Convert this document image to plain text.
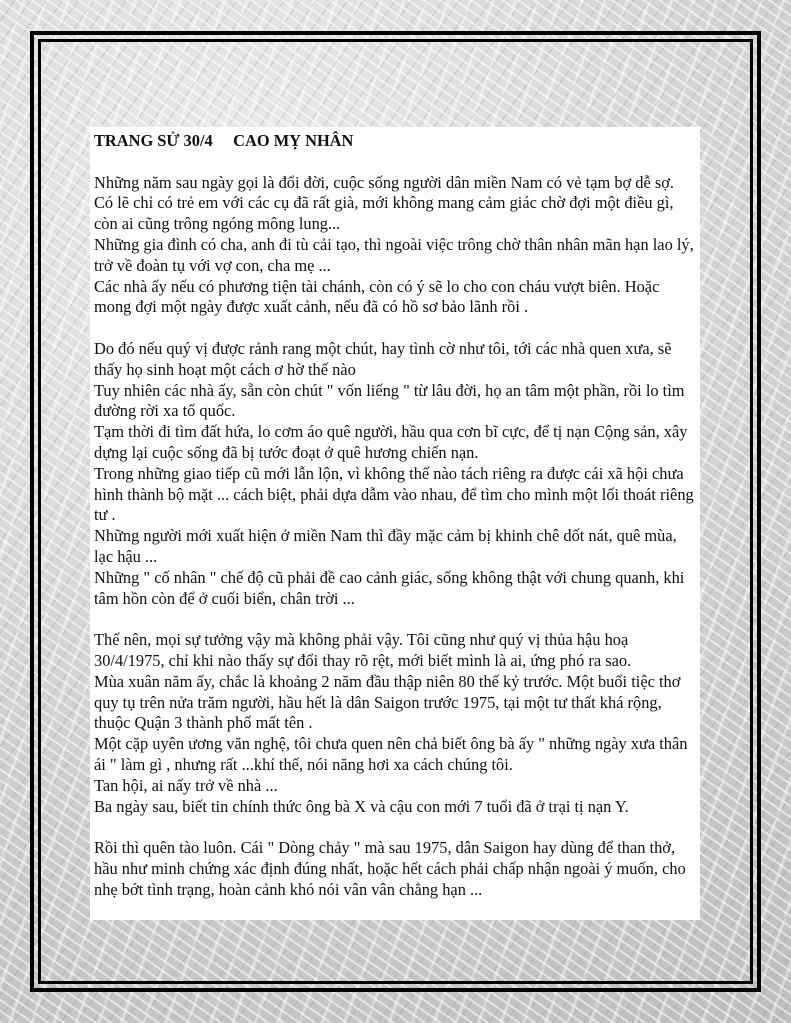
TRANG SỬ 30/4     CAO MỴ NHÂN

Những năm sau ngày gọi là đổi đời, cuộc sống người dân miền Nam có vẻ tạm bợ dễ sợ. Có lẽ chỉ có trẻ em với các cụ đã rất già, mới không mang cảm giác chờ đợi một điều gì, còn ai cũng trông ngóng mông lung...

Những gia đình có cha, anh đi tù cải tạo, thì ngoài việc trông chờ thân nhân mãn hạn lao lý, trở về đoàn tụ với vợ con, cha mẹ ...

Các nhà ấy nếu có phương tiện tài chánh, còn có ý sẽ lo cho con cháu vượt biên. Hoặc mong đợi một ngày được xuất cảnh, nếu đã có hồ sơ bảo lãnh rồi .

Do đó nếu quý vị được rảnh rang một chút, hay tình cờ như tôi, tới các nhà quen xưa, sẽ thấy họ sinh hoạt một cách ơ hờ thế nào

Tuy nhiên các nhà ấy, sẵn còn chút " vốn liếng " từ lâu đời, họ an tâm một phần, rồi lo tìm đường rời xa tổ quốc.

Tạm thời đi tìm đất hứa, lo cơm áo quê người, hầu qua cơn bĩ cực, để tị nạn Cộng sản, xây dựng lại cuộc sống đã bị tước đoạt ở quê hương chiến nạn.

Trong những giao tiếp cũ mới lẫn lộn, vì không thể nào tách riêng ra được cái xã hội chưa hình thành bộ mặt ... cách biệt, phải dựa dẫm vào nhau, để tìm cho mình một lối thoát riêng tư .

Những người mới xuất hiện ở miền Nam thì đầy mặc cảm bị khinh chê dốt nát, quê mùa, lạc hậu ...

Những " cố nhân " chế độ cũ phải đề cao cảnh giác, sống không thật với chung quanh, khi tâm hồn còn để ở cuối biển, chân trời ...

Thế nên, mọi sự tưởng vậy mà không phải vậy. Tôi cũng như quý vị thủa hậu hoạ 30/4/1975, chỉ khi nào thấy sự đổi thay rõ rệt, mới biết mình là ai, ứng phó ra sao.

Mùa xuân năm ấy, chắc là khoảng 2 năm đầu thập niên 80 thế kỷ trước. Một buổi tiệc thơ quy tụ trên nửa trăm người, hầu hết là dân Saigon trước 1975, tại một tư thất khá rộng, thuộc Quận 3 thành phố mất tên .

Một cặp uyên ương văn nghệ, tôi chưa quen nên chả biết ông bà ấy " những ngày xưa thân ái " làm gì , nhưng rất ...khí thế, nói năng hơi xa cách chúng tôi.

Tan hội, ai nấy trở về nhà ...

Ba ngày sau, biết tin chính thức ông bà X và cậu con mới 7 tuổi đã ở trại tị nạn Y.

Rồi thì quên tào luôn. Cái " Dòng chảy " mà sau 1975, dân Saigon hay dùng để than thở, hầu như minh chứng xác định đúng nhất, hoặc hết cách phải chấp nhận ngoài ý muốn, cho nhẹ bớt tình trạng, hoàn cảnh khó nói vân vân chẳng hạn ...
